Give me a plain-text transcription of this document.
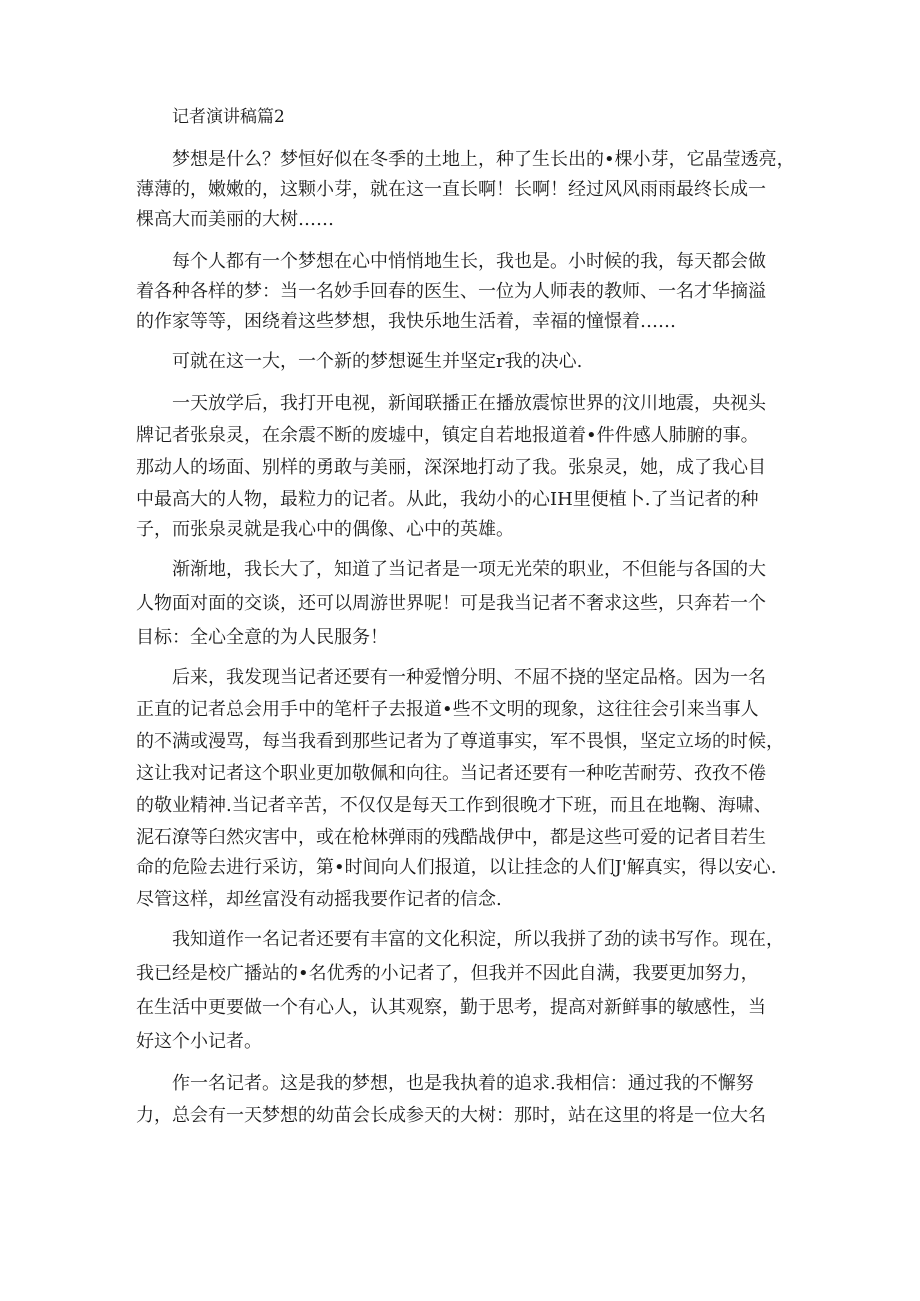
记者演讲稿篇2

梦想是什么？梦恒好似在冬季的土地上，种了生长出的•棵小芽，它晶莹透亮，

薄薄的，嫩嫩的，这颗小芽，就在这一直长啊！长啊！经过风风雨雨最终长成一

棵高大而美丽的大树……

每个人都有一个梦想在心中悄悄地生长，我也是。小时候的我，每天都会做

着各种各样的梦：当一名妙手回春的医生、一位为人师表的教师、一名才华摘溢

的作家等等，困绕着这些梦想，我快乐地生活着，幸福的憧憬着……

可就在这一大，一个新的梦想诞生并坚定r我的决心.

一天放学后，我打开电视，新闻联播正在播放震惊世界的汶川地震，央视头

牌记者张泉灵，在余震不断的废墟中，镇定自若地报道着•件件感人肺腑的事。

那动人的场面、别样的勇敢与美丽，深深地打动了我。张泉灵，她，成了我心目

中最高大的人物，最粒力的记者。从此，我幼小的心IH里便植卜.了当记者的种

子，而张泉灵就是我心中的偶像、心中的英雄。

渐渐地，我长大了，知道了当记者是一项无光荣的职业，不但能与各国的大

人物面对面的交谈，还可以周游世界呢！可是我当记者不奢求这些，只奔若一个

目标：全心全意的为人民服务！

后来，我发现当记者还要有一种爱憎分明、不屈不挠的坚定品格。因为一名

正直的记者总会用手中的笔杆子去报道•些不文明的现象，这往往会引来当事人

的不满或漫骂，每当我看到那些记者为了尊道事实，军不畏惧，坚定立场的时候，

这让我对记者这个职业更加敬佩和向往。当记者还要有一种吃苦耐劳、孜孜不倦

的敬业精神.当记者辛苦，不仅仅是每天工作到很晚才下班，而且在地鞠、海啸、

泥石潦等臼然灾害中，或在枪林弹雨的残酷战伊中，都是这些可爱的记者目若生

命的危险去进行采访，第•时间向人们报道，以让挂念的人们J'解真实，得以安心.

尽管这样，却丝富没有动摇我要作记者的信念.

我知道作一名记者还要有丰富的文化积淀，所以我拼了劲的读书写作。现在，

我已经是校广播站的•名优秀的小记者了，但我并不因此自满，我要更加努力，

在生活中更要做一个有心人，认其观察，勤于思考，提高对新鲜事的敏感性，当

好这个小记者。

作一名记者。这是我的梦想，也是我执着的追求.我相信：通过我的不懈努

力，总会有一天梦想的幼苗会长成参天的大树：那时，站在这里的将是一位大名
